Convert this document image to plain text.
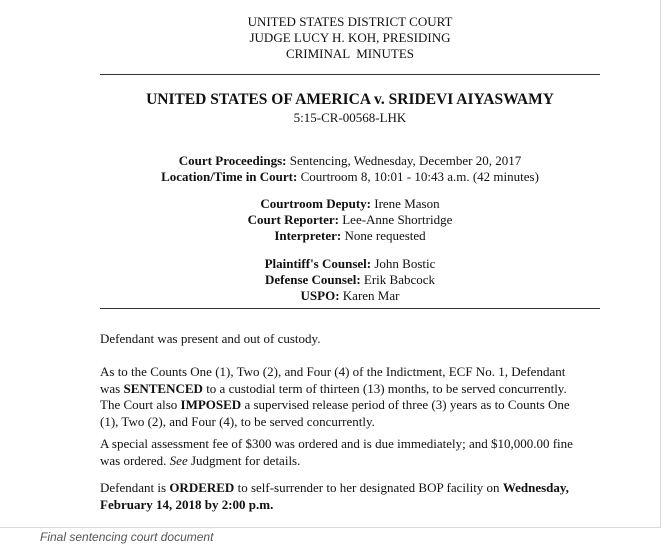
UNITED STATES DISTRICT COURT
JUDGE LUCY H. KOH, PRESIDING
CRIMINAL  MINUTES
UNITED STATES OF AMERICA v. SRIDEVI AIYASWAMY
5:15-CR-00568-LHK
Court Proceedings: Sentencing, Wednesday, December 20, 2017
Location/Time in Court: Courtroom 8, 10:01 - 10:43 a.m. (42 minutes)
Courtroom Deputy: Irene Mason
Court Reporter: Lee-Anne Shortridge
Interpreter: None requested
Plaintiff's Counsel: John Bostic
Defense Counsel: Erik Babcock
USPO: Karen Mar

Defendant was present and out of custody.

As to the Counts One (1), Two (2), and Four (4) of the Indictment, ECF No. 1, Defendant was SENTENCED to a custodial term of thirteen (13) months, to be served concurrently. The Court also IMPOSED a supervised release period of three (3) years as to Counts One (1), Two (2), and Four (4), to be served concurrently.

A special assessment fee of $300 was ordered and is due immediately; and $10,000.00 fine was ordered. See Judgment for details.

Defendant is ORDERED to self-surrender to her designated BOP facility on Wednesday, February 14, 2018 by 2:00 p.m.

Final sentencing court document
